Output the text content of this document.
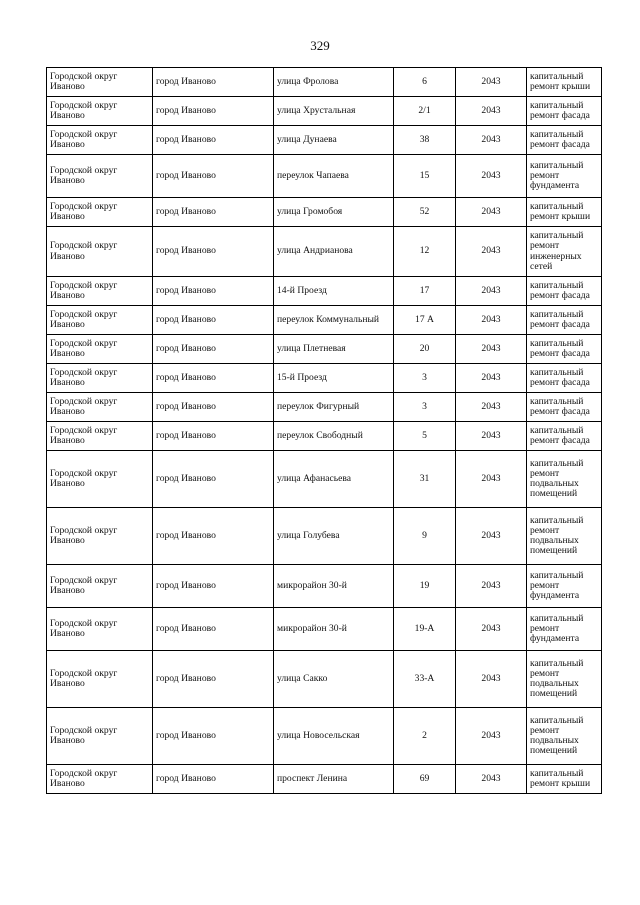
329
Городской округ Иваново	город Иваново	улица Фролова	6	2043	капитальный ремонт крыши
Городской округ Иваново	город Иваново	улица Хрустальная	2/1	2043	капитальный ремонт фасада
Городской округ Иваново	город Иваново	улица Дунаева	38	2043	капитальный ремонт фасада
Городской округ Иваново	город Иваново	переулок Чапаева	15	2043	капитальный ремонт фундамента
Городской округ Иваново	город Иваново	улица Громобоя	52	2043	капитальный ремонт крыши
Городской округ Иваново	город Иваново	улица Андрианова	12	2043	капитальный ремонт инженерных сетей
Городской округ Иваново	город Иваново	14-й Проезд	17	2043	капитальный ремонт фасада
Городской округ Иваново	город Иваново	переулок Коммунальный	17 А	2043	капитальный ремонт фасада
Городской округ Иваново	город Иваново	улица Плетневая	20	2043	капитальный ремонт фасада
Городской округ Иваново	город Иваново	15-й Проезд	3	2043	капитальный ремонт фасада
Городской округ Иваново	город Иваново	переулок Фигурный	3	2043	капитальный ремонт фасада
Городской округ Иваново	город Иваново	переулок Свободный	5	2043	капитальный ремонт фасада
Городской округ Иваново	город Иваново	улица Афанасьева	31	2043	капитальный ремонт подвальных помещений
Городской округ Иваново	город Иваново	улица Голубева	9	2043	капитальный ремонт подвальных помещений
Городской округ Иваново	город Иваново	микрорайон 30-й	19	2043	капитальный ремонт фундамента
Городской округ Иваново	город Иваново	микрорайон 30-й	19-А	2043	капитальный ремонт фундамента
Городской округ Иваново	город Иваново	улица Сакко	33-А	2043	капитальный ремонт подвальных помещений
Городской округ Иваново	город Иваново	улица Новосельская	2	2043	капитальный ремонт подвальных помещений
Городской округ Иваново	город Иваново	проспект Ленина	69	2043	капитальный ремонт крыши
